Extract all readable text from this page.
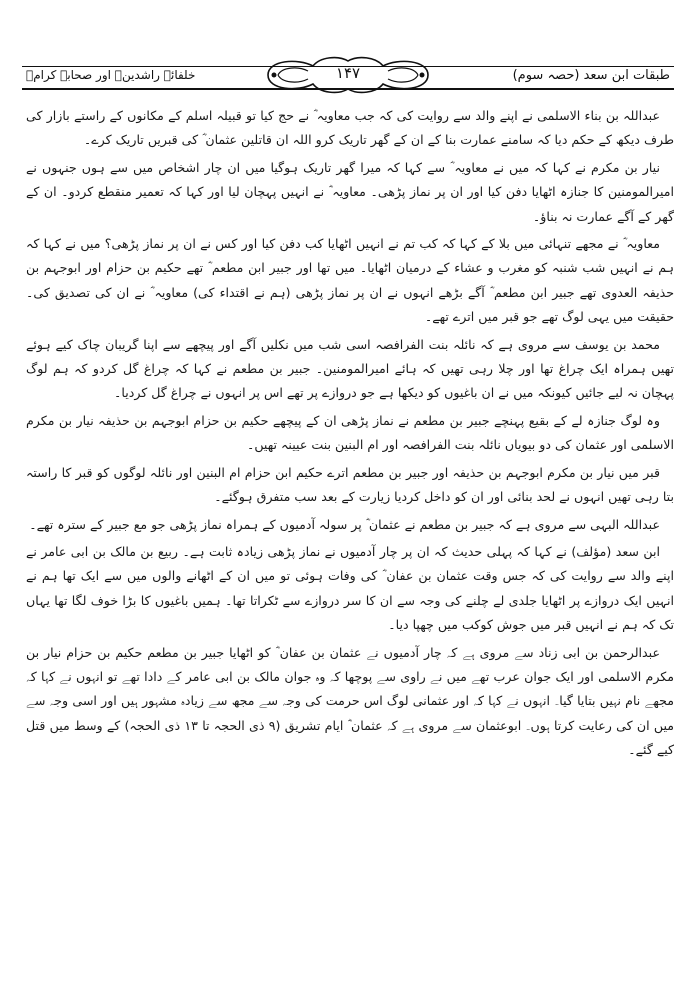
طبقات ابن سعد (حصہ سوم)
۱۴۷
خلفائے راشدینؓ اور صحابہ کرامؓ

عبداللہ بن بناء الاسلمی نے اپنے والد سے روایت کی کہ جب معاویہ ؓ نے حج کیا تو قبیلہ اسلم کے مکانوں کے راستے بازار کی طرف دیکھ کے حکم دیا کہ سامنے عمارت بنا کے ان کے گھر تاریک کرو اللہ ان قاتلین عثمان ؓ کی قبریں تاریک کرے۔

نیار بن مکرم نے کہا کہ میں نے معاویہ ؓ سے کہا کہ میرا گھر تاریک ہوگیا میں ان چار اشخاص میں سے ہوں جنہوں نے امیرالمومنین کا جنازہ اٹھایا دفن کیا اور ان پر نماز پڑھی۔ معاویہ ؓ نے انہیں پہچان لیا اور کہا کہ تعمیر منقطع کردو۔ ان کے گھر کے آگے عمارت نہ بناؤ۔

معاویہ ؓ نے مجھے تنہائی میں بلا کے کہا کہ کب تم نے انہیں اٹھایا کب دفن کیا اور کس نے ان پر نماز پڑھی؟ میں نے کہا کہ ہم نے انہیں شب شنبہ کو مغرب و عشاء کے درمیان اٹھایا۔ میں تھا اور جبیر ابن مطعم ؓ تھے حکیم بن حزام اور ابوجہم بن حذیفہ العدوی تھے جبیر ابن مطعم ؓ آگے بڑھے انہوں نے ان پر نماز پڑھی (ہم نے اقتداء کی) معاویہ ؓ نے ان کی تصدیق کی۔ حقیقت میں یہی لوگ تھے جو قبر میں اترے تھے۔

محمد بن یوسف سے مروی ہے کہ نائلہ بنت الفرافصہ اسی شب میں نکلیں آگے اور پیچھے سے اپنا گریبان چاک کیے ہوئے تھیں ہمراہ ایک چراغ تھا اور چلا رہی تھیں کہ ہائے امیرالمومنین۔ جبیر بن مطعم نے کہا کہ چراغ گل کردو کہ ہم لوگ پہچان نہ لیے جائیں کیونکہ میں نے ان باغیوں کو دیکھا ہے جو دروازے پر تھے اس پر انہوں نے چراغ گل کردیا۔

وہ لوگ جنازہ لے کے بقیع پہنچے جبیر بن مطعم نے نماز پڑھی ان کے پیچھے حکیم بن حزام ابوجہم بن حذیفہ نیار بن مکرم الاسلمی اور عثمان کی دو بیویاں نائلہ بنت الفرافصہ اور ام البنین بنت عیینہ تھیں۔

قبر میں نیار بن مکرم ابوجہم بن حذیفہ اور جبیر بن مطعم اترے حکیم ابن حزام ام البنین اور نائلہ لوگوں کو قبر کا راستہ بتا رہی تھیں انہوں نے لحد بنائی اور ان کو داخل کردیا زیارت کے بعد سب متفرق ہوگئے۔

عبداللہ البہی سے مروی ہے کہ جبیر بن مطعم نے عثمان ؓ پر سولہ آدمیوں کے ہمراہ نماز پڑھی جو مع جبیر کے سترہ تھے۔

ابن سعد (مؤلف) نے کہا کہ پہلی حدیث کہ ان پر چار آدمیوں نے نماز پڑھی زیادہ ثابت ہے۔ ربیع بن مالک بن ابی عامر نے اپنے والد سے روایت کی کہ جس وقت عثمان بن عفان ؓ کی وفات ہوئی تو میں ان کے اٹھانے والوں میں سے ایک تھا ہم نے انہیں ایک دروازے پر اٹھایا جلدی لے چلنے کی وجہ سے ان کا سر دروازے سے ٹکراتا تھا۔ ہمیں باغیوں کا بڑا خوف لگا تھا یہاں تک کہ ہم نے انہیں قبر میں جوش کوکب میں چھپا دیا۔

عبدالرحمن بن ابی زناد سے مروی ہے کہ چار آدمیوں نے عثمان بن عفان ؓ کو اٹھایا جبیر بن مطعم حکیم بن حزام نیار بن مکرم الاسلمی اور ایک جوان عرب تھے میں نے راوی سے پوچھا کہ وہ جوان مالک بن ابی عامر کے دادا تھے تو انہوں نے کہا کہ مجھے نام نہیں بتایا گیا۔ انہوں نے کہا کہ اور عثمانی لوگ اس حرمت کی وجہ سے مجھ سے زیادہ مشہور ہیں اور اسی وجہ سے میں ان کی رعایت کرتا ہوں۔ ابوعثمان سے مروی ہے کہ عثمان ؓ ایام تشریق (۹ ذی الحجہ تا ۱۳ ذی الحجہ) کے وسط میں قتل کیے گئے۔
